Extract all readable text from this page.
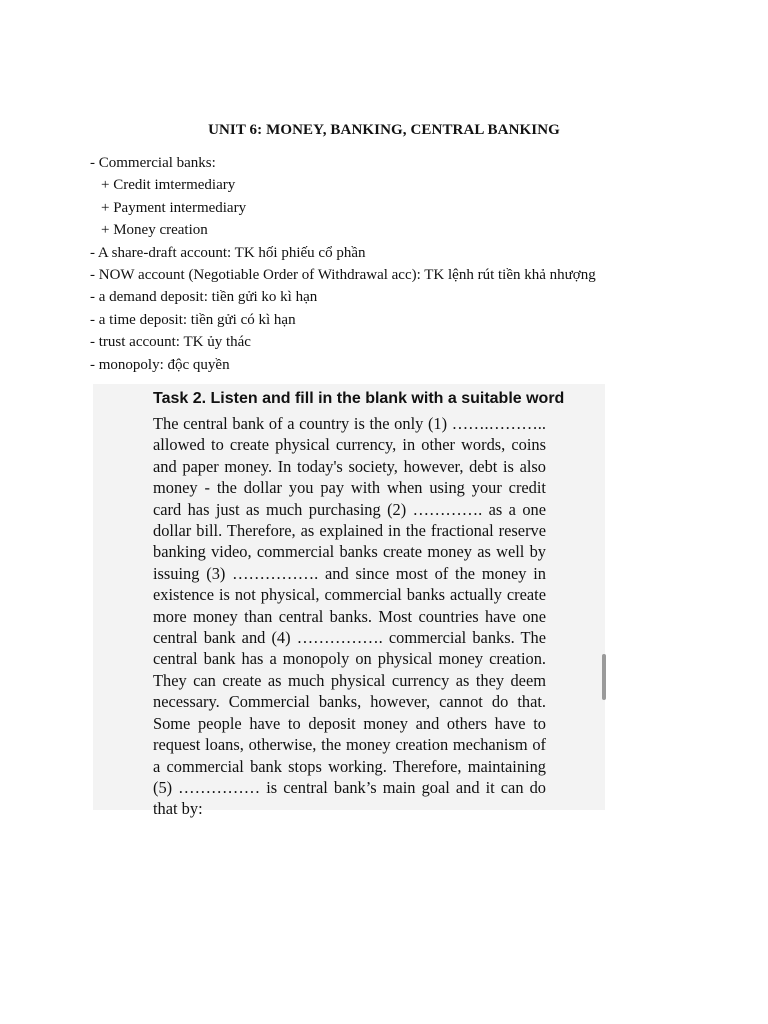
UNIT 6: MONEY, BANKING, CENTRAL BANKING
- Commercial banks:
+ Credit imtermediary
+ Payment intermediary
+ Money creation
- A share-draft account: TK hối phiếu cổ phần
- NOW account (Negotiable Order of Withdrawal acc): TK lệnh rút tiền khả nhượng
- a demand deposit: tiền gửi ko kì hạn
- a time deposit: tiền gửi có kì hạn
- trust account: TK ủy thác
- monopoly: độc quyền
Task 2. Listen and fill in the blank with a suitable word

The central bank of a country is the only (1) …….……….. allowed to create physical currency, in other words, coins and paper money. In today's society, however, debt is also money - the dollar you pay with when using your credit card has just as much purchasing (2) …………. as a one dollar bill. Therefore, as explained in the fractional reserve banking video, commercial banks create money as well by issuing (3) ……………. and since most of the money in existence is not physical, commercial banks actually create more money than central banks. Most countries have one central bank and (4) ……………. commercial banks. The central bank has a monopoly on physical money creation. They can create as much physical currency as they deem necessary. Commercial banks, however, cannot do that. Some people have to deposit money and others have to request loans, otherwise, the money creation mechanism of a commercial bank stops working. Therefore, maintaining (5) …………… is central bank’s main goal and it can do that by:
